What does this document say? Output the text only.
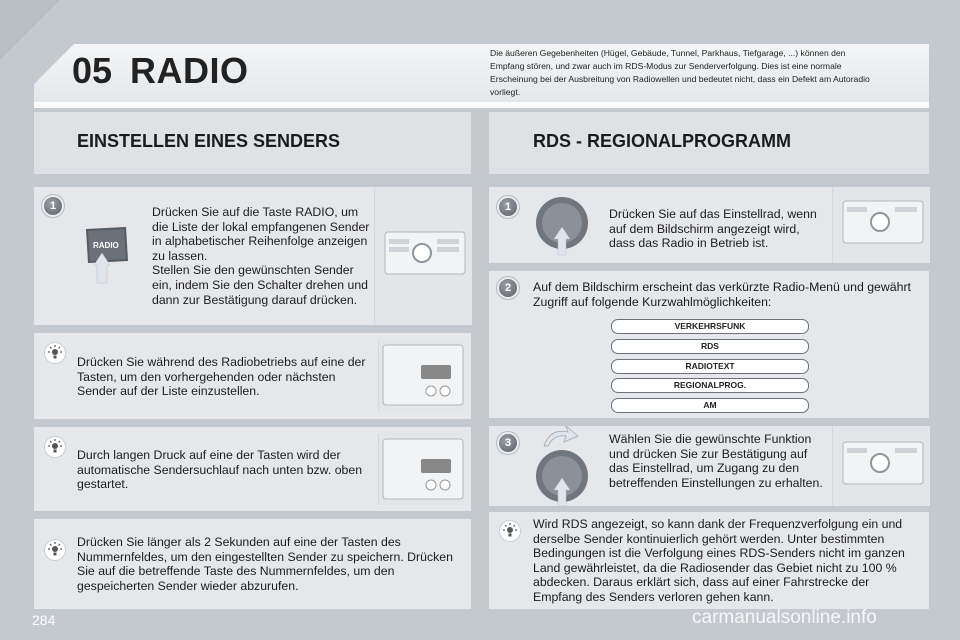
05 RADIO	Die äußeren Gegebenheiten (Hügel, Gebäude, Tunnel, Parkhaus, Tiefgarage, ...) können den Empfang stören, und zwar auch im RDS-Modus zur Senderverfolgung. Dies ist eine normale Erscheinung bei der Ausbreitung von Radiowellen und bedeutet nicht, dass ein Defekt am Autoradio vorliegt.
EINSTELLEN EINES SENDERS	RDS - REGIONALPROGRAMM
1
RADIO
Drücken Sie auf die Taste RADIO, um die Liste der lokal empfangenen Sender in alphabetischer Reihenfolge anzeigen zu lassen.
Stellen Sie den gewünschten Sender ein, indem Sie den Schalter drehen und dann zur Bestätigung darauf drücken.
Drücken Sie während des Radiobetriebs auf eine der Tasten, um den vorhergehenden oder nächsten Sender auf der Liste einzustellen.
Durch langen Druck auf eine der Tasten wird der automatische Sendersuchlauf nach unten bzw. oben gestartet.
Drücken Sie länger als 2 Sekunden auf eine der Tasten des Nummernfeldes, um den eingestellten Sender zu speichern. Drücken Sie auf die betreffende Taste des Nummernfeldes, um den gespeicherten Sender wieder abzurufen.
1	Drücken Sie auf das Einstellrad, wenn auf dem Bildschirm angezeigt wird, dass das Radio in Betrieb ist.
2	Auf dem Bildschirm erscheint das verkürzte Radio-Menü und gewährt Zugriff auf folgende Kurzwahlmöglichkeiten:
VERKEHRSFUNK
RDS
RADIOTEXT
REGIONALPROG.
AM
3	Wählen Sie die gewünschte Funktion und drücken Sie zur Bestätigung auf das Einstellrad, um Zugang zu den betreffenden Einstellungen zu erhalten.
Wird RDS angezeigt, so kann dank der Frequenzverfolgung ein und derselbe Sender kontinuierlich gehört werden. Unter bestimmten Bedingungen ist die Verfolgung eines RDS-Senders nicht im ganzen Land gewährleistet, da die Radiosender das Gebiet nicht zu 100 % abdecken. Daraus erklärt sich, dass auf einer Fahrstrecke der Empfang des Senders verloren gehen kann.
284	carmanualsonline.info
